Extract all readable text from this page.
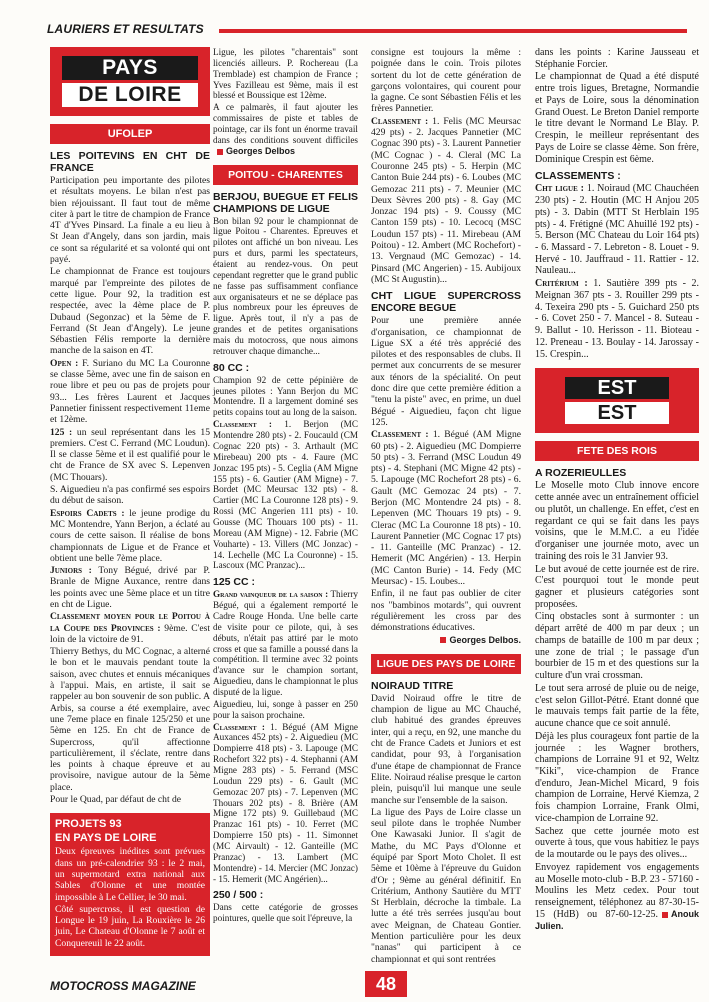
LAURIERS ET RESULTATS
PAYS
DE LOIRE
UFOLEP
LES POITEVINS EN CHT DE FRANCE

Participation peu importante des pilotes et résultats moyens. Le bilan n'est pas bien réjouissant. Il faut tout de même citer à part le titre de champion de France 4T d'Yves Pinsard. La finale a eu lieu à St Jean d'Angely, dans son jardin, mais ce sont sa régularité et sa volonté qui ont payé.

Le championnat de France est toujours marqué par l'empreinte des pilotes de cette ligue. Pour 92, la tradition est respectée, avec la 4ème place de P. Dubaud (Segonzac) et la 5ème de F. Ferrand (St Jean d'Angely). Le jeune Sébastien Félis remporte la dernière manche de la saison en 4T.

Open : F. Suriano du MC La Couronne se classe 5ème, avec une fin de saison en roue libre et peu ou pas de projets pour 93... Les frères Laurent et Jacques Pannetier finissent respectivement 11eme et 12ème.

125 : un seul représentant dans les 15 premiers. C'est C. Ferrand (MC Loudun). Il se classe 5ème et il est qualifié pour le cht de France de SX avec S. Lepenven (MC Thouars).

S. Aiguedieu n'a pas confirmé ses espoirs du début de saison.

Espoirs Cadets : le jeune prodige du MC Montendre, Yann Berjon, a éclaté au cours de cette saison. Il réalise de bons championnats de Ligue et de France et obtient une belle 7ème place.

Juniors : Tony Bégué, drivé par P. Branle de Migne Auxance, rentre dans les points avec une 5ème place et un titre en cht de Ligue.

Classement moyen pour le Poitou à la Coupe des Provinces : 9ème. C'est loin de la victoire de 91.

Thierry Bethys, du MC Cognac, a alterné le bon et le mauvais pendant toute la saison, avec chutes et ennuis mécaniques à l'appui. Mais, en artiste, il sait se rappeler au bon souvenir de son public. A Arbis, sa course a été exemplaire, avec une 7eme place en finale 125/250 et une 5ème en 125. En cht de France de Supercross, qu'il affectionne particulièrement, il s'éclate, rentre dans les points à chaque épreuve et au provisoire, navigue autour de la 5ème place.

Pour le Quad, par défaut de cht de

PROJETS 93
EN PAYS DE LOIRE

Deux épreuves inédites sont prévues dans un pré-calendrier 93 : le 2 mai, un supermotard extra national aux Sables d'Olonne et une montée impossible à Le Cellier, le 30 mai.

Côté supercross, il est question de Longue le 19 juin, La Rouxière le 26 juin, Le Chateau d'Olonne le 7 août et Conquereuil le 22 août.

Ligue, les pilotes "charentais" sont licenciés ailleurs. P. Rochereau (La Tremblade) est champion de France ; Yves Fazilleau est 9ème, mais il est blessé et Boussique est 12ème.

A ce palmarès, il faut ajouter les commissaires de piste et tables de pointage, car ils font un énorme travail dans des conditions souvent difficilesGeorges Delbos

POITOU - CHARENTES
BERJOU, BUEGUE ET FELIS CHAMPIONS DE LIGUE

Bon bilan 92 pour le championnat de ligue Poitou - Charentes. Epreuves et pilotes ont affiché un bon niveau. Les purs et durs, parmi les spectateurs, étaient au rendez-vous. On peut cependant regretter que le grand public ne fasse pas suffisamment confiance aux organisateurs et ne se déplace pas plus nombreux pour les épreuves de ligue. Après tout, il n'y a pas de grandes et de petites organisations mais du motocross, que nous aimons retrouver chaque dimanche...

80 CC :

Champion 92 de cette pépinière de jeunes pilotes : Yann Berjon du MC Montendre. Il a largement dominé ses petits copains tout au long de la saison.

Classement : 1. Berjon (MC Montendre 280 pts) - 2. Foucauld (CM Cognac 220 pts) - 3. Arthault (MC Mirebeau) 200 pts - 4. Faure (MC Jonzac 195 pts) - 5. Ceglia (AM Migne 155 pts) - 6. Gautier (AM Migne) - 7. Bordet (MC Meursac 132 pts) - 8. Cartier (MC La Couronne 128 pts) - 9. Rossi (MC Angerien 111 pts) - 10. Gousse (MC Thouars 100 pts) - 11. Moreau (AM Migne) - 12. Fabrie (MC Vouharte) - 13. Villers (MC Jonzac) - 14. Lechelle (MC La Couronne) - 15. Lascoux (MC Pranzac)...

125 CC :

Grand vainqueur de la saison : Thierry Bégué, qui a également remporté le Cadre Rouge Honda. Une belle carte de visite pour ce pilote, qui, à ses débuts, n'était pas attiré par le moto cross et que sa famille a poussé dans la compétition. Il termine avec 32 points d'avance sur le champion sortant, Aiguedieu, dans le championnat le plus disputé de la ligue.

Aiguedieu, lui, songe à passer en 250 pour la saison prochaine.

Classement : 1. Bégué (AM Migne Auxances 452 pts) - 2. Aiguedieu (MC Dompierre 418 pts) - 3. Lapouge (MC Rochefort 322 pts) - 4. Stephanni (AM Migne 283 pts) - 5. Ferrand (MSC Loudun 229 pts) - 6. Gault (MC Gemozac 207 pts) - 7. Lepenven (MC Thouars 202 pts) - 8. Brière (AM Migne 172 pts) 9. Guillebaud (MC Pranzac 161 pts) - 10. Ferret (MC Dompierre 150 pts) - 11. Simonnet (MC Airvault) - 12. Ganteille (MC Pranzac) - 13. Lambert (MC Montendre) - 14. Mercier (MC Jonzac) - 15. Hemerit (MC Angérien)...

250 / 500 :

Dans cette catégorie de grosses pointures, quelle que soit l'épreuve, la

consigne est toujours la même : poignée dans le coin. Trois pilotes sortent du lot de cette génération de garçons volontaires, qui courent pour la gagne. Ce sont Sébastien Félis et les frères Pannetier.

Classement : 1. Felis (MC Meursac 429 pts) - 2. Jacques Pannetier (MC Cognac 390 pts) - 3. Laurent Pannetier (MC Cognac ) - 4. Cleral (MC La Couronne 245 pts) - 5. Herpin (MC Canton Buie 244 pts) - 6. Loubes (MC Gemozac 211 pts) - 7. Meunier (MC Deux Sèvres 200 pts) - 8. Gay (MC Jonzac 194 pts) - 9. Coussy (MC Canton 159 pts) - 10. Lecocq (MSC Loudun 157 pts) - 11. Mirebeau (AM Poitou) - 12. Ambert (MC Rochefort) - 13. Vergnaud (MC Gemozac) - 14. Pinsard (MC Angerien) - 15. Aubijoux (MC St Augustin)...

CHT LIGUE SUPERCROSS ENCORE BEGUE

Pour une première année d'organisation, ce championnat de Ligue SX a été très apprécié des pilotes et des responsables de clubs. Il permet aux concurrents de se mesurer aux ténors de la spécialité. On peut donc dire que cette première édition a "tenu la piste" avec, en prime, un duel Bégué - Aiguedieu, façon cht ligue 125.

Classement : 1. Bégué (AM Migne 60 pts) - 2. Aiguedieu (MC Dompierre 50 pts) - 3. Ferrand (MSC Loudun 49 pts) - 4. Stephani (MC Migne 42 pts) - 5. Lapouge (MC Rochefort 28 pts) - 6. Gault (MC Gemozac 24 pts) - 7. Berjon (MC Montendre 24 pts) - 8. Lepenven (MC Thouars 19 pts) - 9. Clerac (MC La Couronne 18 pts) - 10. Laurent Pannetier (MC Cognac 17 pts) - 11. Ganteille (MC Pranzac) - 12. Hemerit (MC Angérien) - 13. Herpin (MC Canton Burie) - 14. Fedy (MC Meursac) - 15. Loubes...

Enfin, il ne faut pas oublier de citer nos "bambinos motards", qui ouvrent régulièrement les cross par des démonstrations éducatives.

Georges Delbos.

LIGUE DES PAYS DE LOIRE
NOIRAUD TITRE

David Noiraud offre le titre de champion de ligue au MC Chauché, club habitué des grandes épreuves inter, qui a reçu, en 92, une manche du cht de France Cadets et Juniors et est candidat, pour 93, à l'organisation d'une étape de championnat de France Elite. Noiraud réalise presque le carton plein, puisqu'il lui manque une seule manche sur l'ensemble de la saison.

La ligue des Pays de Loire classe un seul pilote dans le trophée Number One Kawasaki Junior. Il s'agit de Mathe, du MC Pays d'Olonne et équipé par Sport Moto Cholet. Il est 5ème et 10ème à l'épreuve du Guidon d'Or ; 9ème au général définitif. En Critérium, Anthony Sautière du MTT St Herblain, décroche la timbale. La lutte a été très serrées jusqu'au bout avec Meignan, de Chateau Gontier. Mention particulière pour les deux "nanas" qui participent à ce championnat et qui sont rentrées

dans les points : Karine Jausseau et Stéphanie Forcier.

Le championnat de Quad a été disputé entre trois ligues, Bretagne, Normandie et Pays de Loire, sous la dénomination Grand Ouest. Le Breton Daniel remporte le titre devant le Normand Le Blay. P. Crespin, le meilleur représentant des Pays de Loire se classe 4ème. Son frère, Dominique Crespin est 6ème.

CLASSEMENTS :

Cht ligue : 1. Noiraud (MC Chauchéen 230 pts) - 2. Houtin (MC H Anjou 205 pts) - 3. Dabin (MTT St Herblain 195 pts) - 4. Frétigné (MC Ahuillé 192 pts) - 5. Berson (MC Chateau du Loir 164 pts) - 6. Massard - 7. Lebreton - 8. Louet - 9. Hervé - 10. Jauffraud - 11. Rattier - 12. Nauleau...

Critérium : 1. Sautière 399 pts - 2. Meignan 367 pts - 3. Rouiller 299 pts - 4. Texeira 290 pts - 5. Guichard 250 pts - 6. Covet 250 - 7. Mancel - 8. Suteau - 9. Ballut - 10. Herisson - 11. Bioteau - 12. Preneau - 13. Boulay - 14. Jarossay - 15. Crespin...

EST
EST
FETE DES ROIS
A ROZERIEULLES

Le Moselle moto Club innove encore cette année avec un entraînement officiel ou plutôt, un challenge. En effet, c'est en regardant ce qui se fait dans les pays voisins, que le M.M.C. a eu l'idée d'organiser une journée moto, avec un training des rois le 31 Janvier 93.

Le but avoué de cette journée est de rire. C'est pourquoi tout le monde peut gagner et plusieurs catégories sont proposées.

Cinq obstacles sont à surmonter : un départ arrêté de 400 m par deux ; un champs de bataille de 100 m par deux ; une zone de trial ; le passage d'un bourbier de 15 m et des questions sur la culture d'un vrai crossman.

Le tout sera arrosé de pluie ou de neige, c'est selon Gillot-Pétré. Etant donné que le mauvais temps fait partie de la fête, aucune chance que ce soit annulé.

Déjà les plus courageux font partie de la journée : les Wagner brothers, champions de Lorraine 91 et 92, Weltz "Kiki", vice-champion de France d'enduro, Jean-Michel Micard, 9 fois champion de Lorraine, Hervé Kiemza, 2 fois champion Lorraine, Frank Olmi, vice-champion de Lorraine 92.

Sachez que cette journée moto est ouverte à tous, que vous habitiez le pays de la moutarde ou le pays des olives...

Envoyez rapidement vos engagements au Moselle moto-club - B.P. 23 - 57160 - Moulins les Metz cedex. Pour tout renseignement, téléphonez au 87-30-15-15 (HdB) ou 87-60-12-25. Anouk Julien.

MOTOCROSS MAGAZINE	48
